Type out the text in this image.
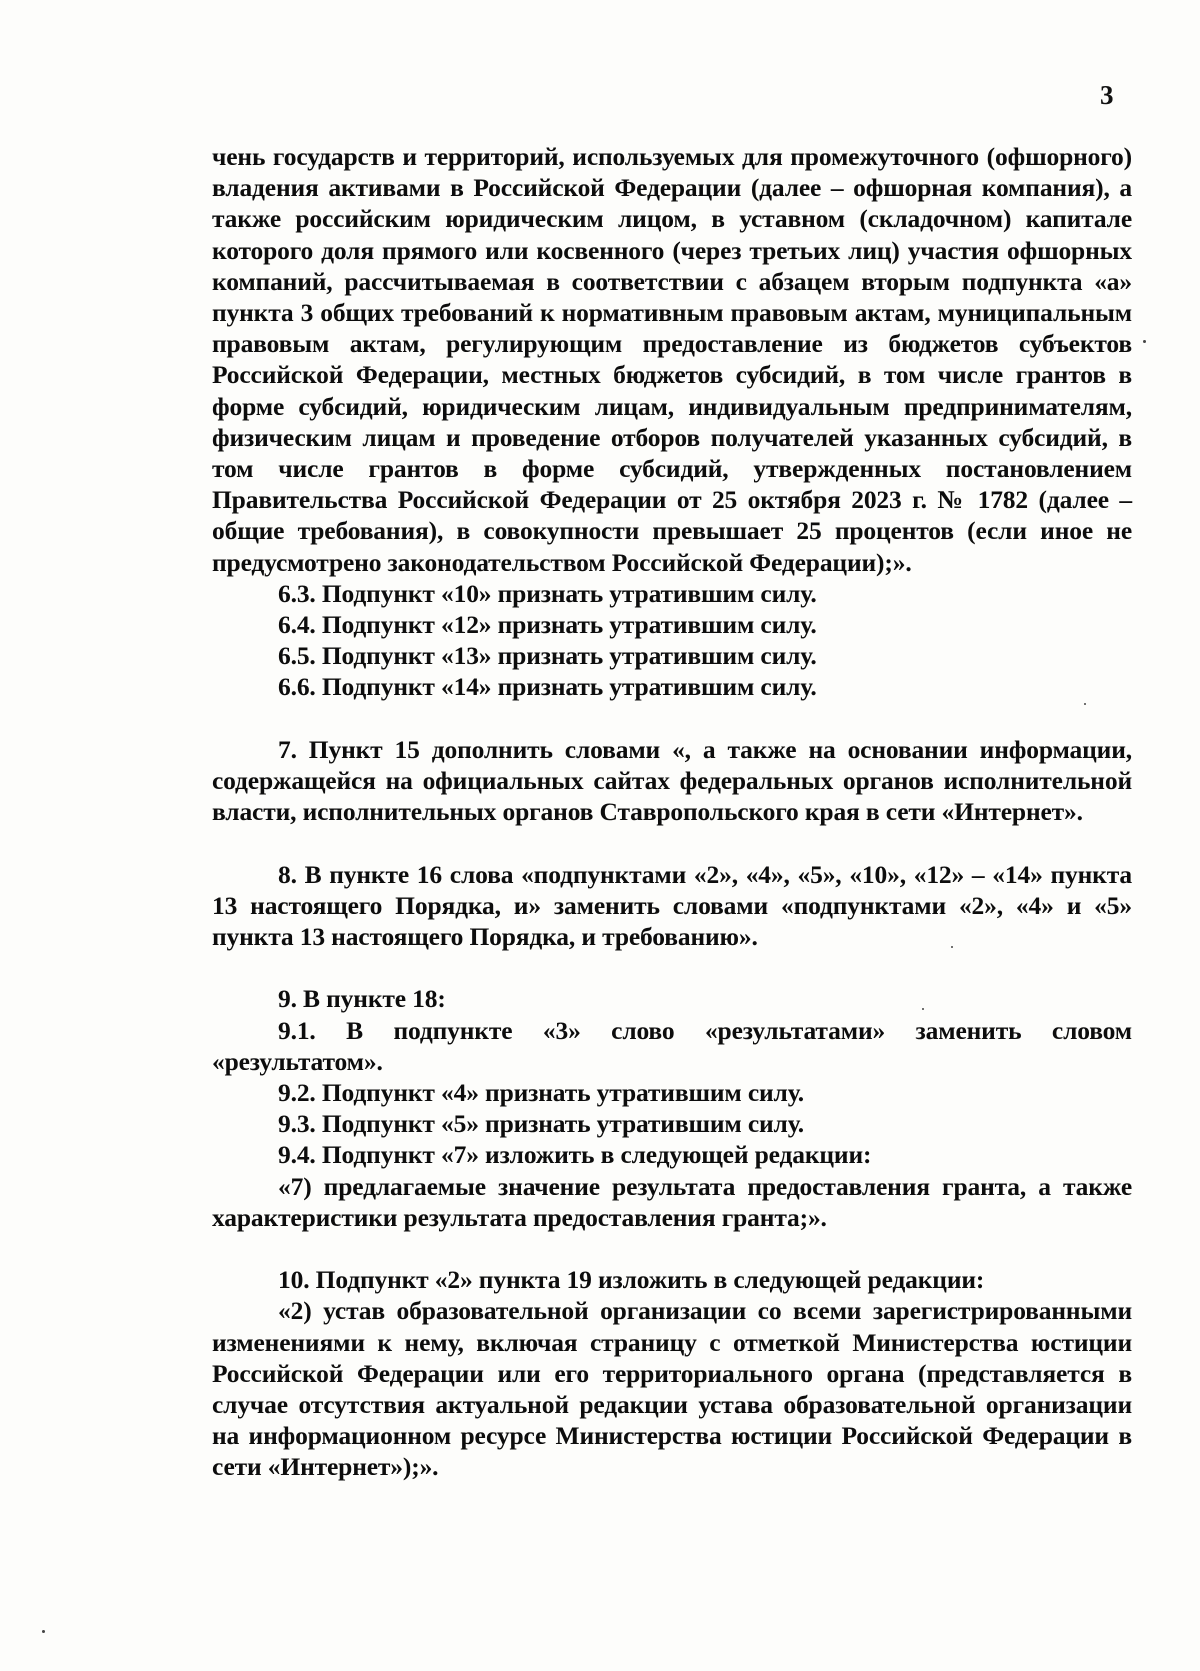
3

чень государств и территорий, используемых для промежуточного (офшорного) владения активами в Российской Федерации (далее – офшорная компания), а также российским юридическим лицом, в уставном (складочном) капитале которого доля прямого или косвенного (через третьих лиц) участия офшорных компаний, рассчитываемая в соответствии с абзацем вторым подпункта «а» пункта 3 общих требований к нормативным правовым актам, муниципальным правовым актам, регулирующим предоставление из бюджетов субъектов Российской Федерации, местных бюджетов субсидий, в том числе грантов в форме субсидий, юридическим лицам, индивидуальным предпринимателям, физическим лицам и проведение отборов получателей указанных субсидий, в том числе грантов в форме субсидий, утвержденных постановлением Правительства Российской Федерации от 25 октября 2023 г. № 1782 (далее – общие требования), в совокупности превышает 25 процентов (если иное не предусмотрено законодательством Российской Федерации);».

6.3. Подпункт «10» признать утратившим силу.

6.4. Подпункт «12» признать утратившим силу.

6.5. Подпункт «13» признать утратившим силу.

6.6. Подпункт «14» признать утратившим силу.

7. Пункт 15 дополнить словами «, а также на основании информации, содержащейся на официальных сайтах федеральных органов исполнительной власти, исполнительных органов Ставропольского края в сети «Интернет».

8. В пункте 16 слова «подпунктами «2», «4», «5», «10», «12» – «14» пункта 13 настоящего Порядка, и» заменить словами «подпунктами «2», «4» и «5» пункта 13 настоящего Порядка, и требованию».

9. В пункте 18:

9.1. В подпункте «3» слово «результатами» заменить словом «результатом».

9.2. Подпункт «4» признать утратившим силу.

9.3. Подпункт «5» признать утратившим силу.

9.4. Подпункт «7» изложить в следующей редакции:

«7) предлагаемые значение результата предоставления гранта, а также характеристики результата предоставления гранта;».

10. Подпункт «2» пункта 19 изложить в следующей редакции:

«2) устав образовательной организации со всеми зарегистрированными изменениями к нему, включая страницу с отметкой Министерства юстиции Российской Федерации или его территориального органа (представляется в случае отсутствия актуальной редакции устава образовательной организации на информационном ресурсе Министерства юстиции Российской Федерации в сети «Интернет»);».
